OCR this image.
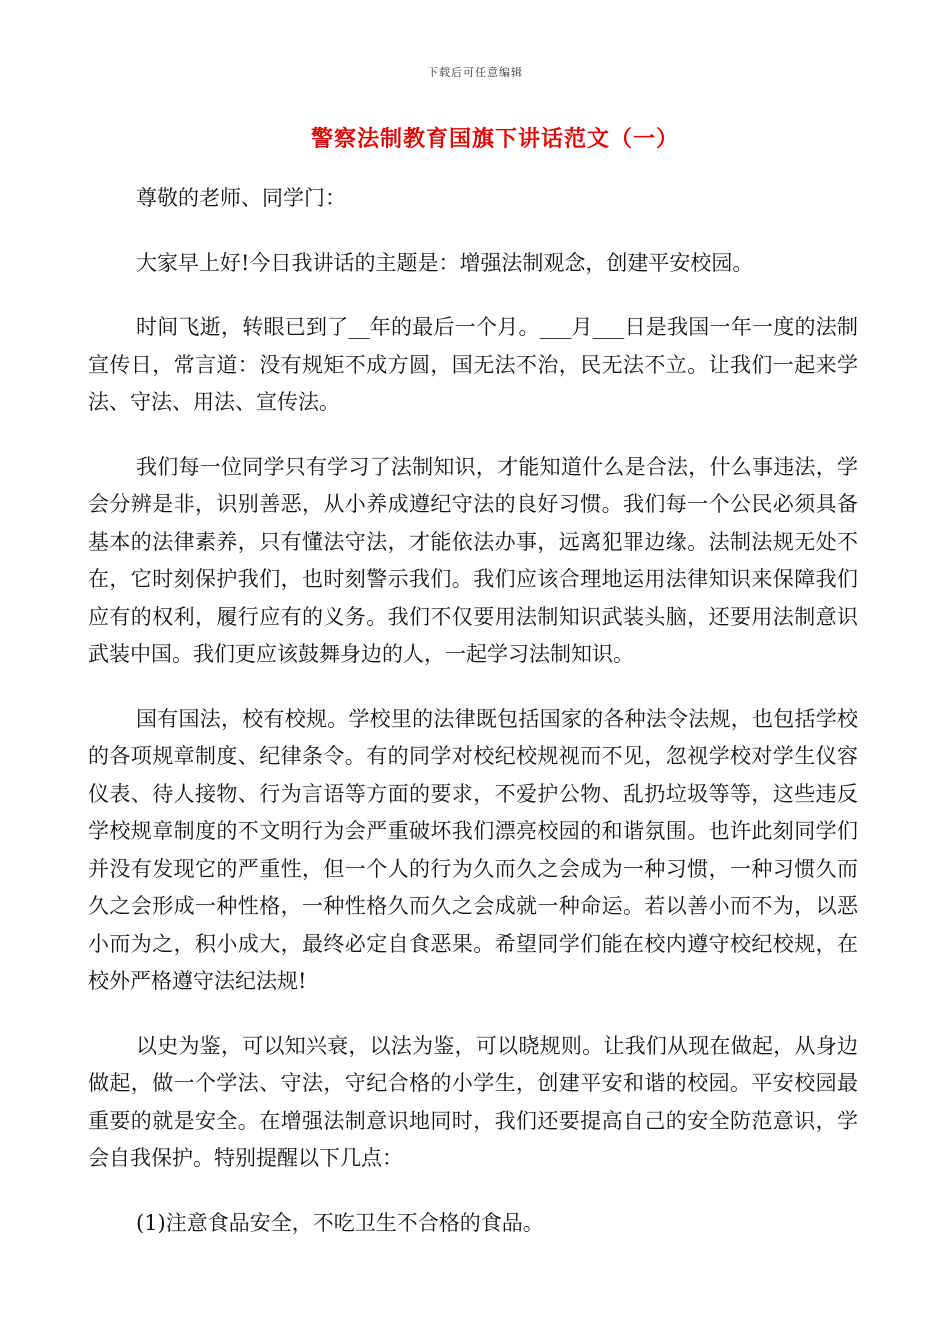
下载后可任意编辑
警察法制教育国旗下讲话范文（一）

尊敬的老师、同学门：

大家早上好!今日我讲话的主题是：增强法制观念，创建平安校园。

时间飞逝，转眼已到了__年的最后一个月。___月___日是我国一年一度的法制宣传日，常言道：没有规矩不成方圆，国无法不治，民无法不立。让我们一起来学法、守法、用法、宣传法。

我们每一位同学只有学习了法制知识，才能知道什么是合法，什么事违法，学会分辨是非，识别善恶，从小养成遵纪守法的良好习惯。我们每一个公民必须具备基本的法律素养，只有懂法守法，才能依法办事，远离犯罪边缘。法制法规无处不在，它时刻保护我们，也时刻警示我们。我们应该合理地运用法律知识来保障我们应有的权利，履行应有的义务。我们不仅要用法制知识武装头脑，还要用法制意识武装中国。我们更应该鼓舞身边的人，一起学习法制知识。

国有国法，校有校规。学校里的法律既包括国家的各种法令法规，也包括学校的各项规章制度、纪律条令。有的同学对校纪校规视而不见，忽视学校对学生仪容仪表、待人接物、行为言语等方面的要求，不爱护公物、乱扔垃圾等等，这些违反学校规章制度的不文明行为会严重破坏我们漂亮校园的和谐氛围。也许此刻同学们并没有发现它的严重性，但一个人的行为久而久之会成为一种习惯，一种习惯久而久之会形成一种性格，一种性格久而久之会成就一种命运。若以善小而不为，以恶小而为之，积小成大，最终必定自食恶果。希望同学们能在校内遵守校纪校规，在校外严格遵守法纪法规!

以史为鉴，可以知兴衰，以法为鉴，可以晓规则。让我们从现在做起，从身边做起，做一个学法、守法，守纪合格的小学生，创建平安和谐的校园。平安校园最重要的就是安全。在增强法制意识地同时，我们还要提高自己的安全防范意识，学会自我保护。特别提醒以下几点：

(1)注意食品安全，不吃卫生不合格的食品。
